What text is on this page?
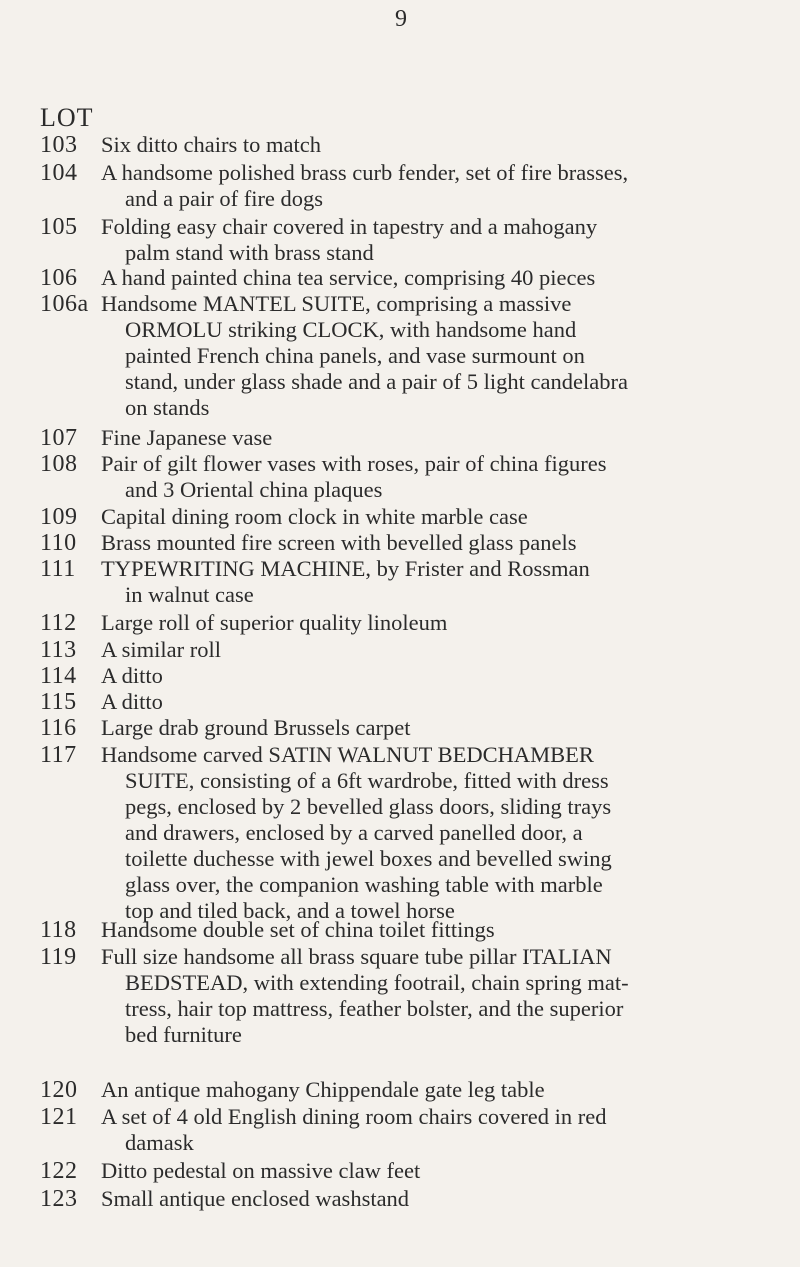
9
LOT
103 Six ditto chairs to match
104 A handsome polished brass curb fender, set of fire brasses,
and a pair of fire dogs
105 Folding easy chair covered in tapestry and a mahogany
palm stand with brass stand
106 A hand painted china tea service, comprising 40 pieces
106a Handsome MANTEL SUITE, comprising a massive
ORMOLU striking CLOCK, with handsome hand
painted French china panels, and vase surmount on
stand, under glass shade and a pair of 5 light candelabra
on stands
107 Fine Japanese vase
108 Pair of gilt flower vases with roses, pair of china figures
and 3 Oriental china plaques
109 Capital dining room clock in white marble case
110 Brass mounted fire screen with bevelled glass panels
111 TYPEWRITING MACHINE, by Frister and Rossman
in walnut case
112 Large roll of superior quality linoleum
113 A similar roll
114 A ditto
115 A ditto
116 Large drab ground Brussels carpet
117 Handsome carved SATIN WALNUT BEDCHAMBER
SUITE, consisting of a 6ft wardrobe, fitted with dress
pegs, enclosed by 2 bevelled glass doors, sliding trays
and drawers, enclosed by a carved panelled door, a
toilette duchesse with jewel boxes and bevelled swing
glass over, the companion washing table with marble
top and tiled back, and a towel horse
118 Handsome double set of china toilet fittings
119 Full size handsome all brass square tube pillar ITALIAN
BEDSTEAD, with extending footrail, chain spring mat-
tress, hair top mattress, feather bolster, and the superior
bed furniture
120 An antique mahogany Chippendale gate leg table
121 A set of 4 old English dining room chairs covered in red
damask
122 Ditto pedestal on massive claw feet
123 Small antique enclosed washstand
